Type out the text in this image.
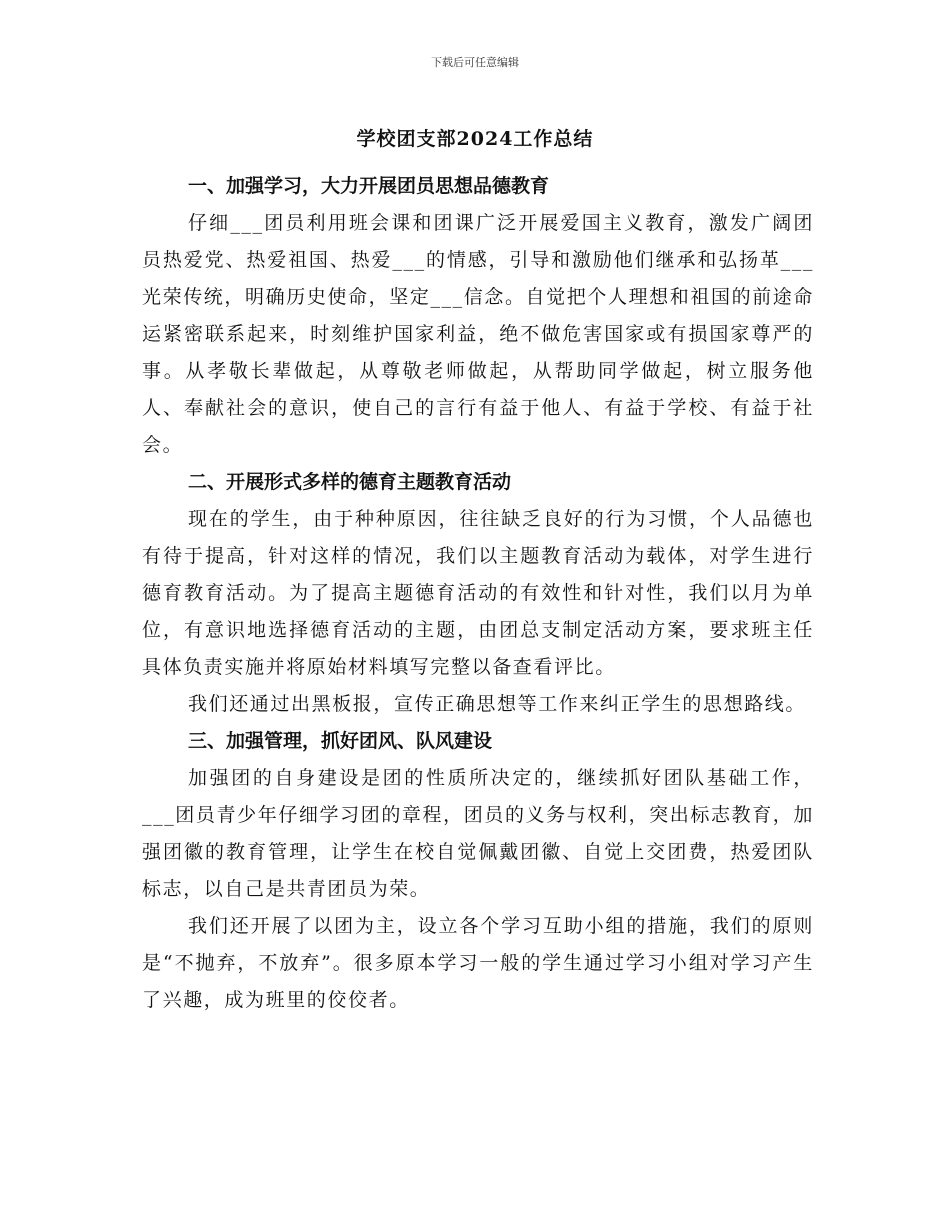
下载后可任意编辑
学校团支部2024工作总结

一、加强学习，大力开展团员思想品德教育

仔细___团员利用班会课和团课广泛开展爱国主义教育，激发广阔团员热爱党、热爱祖国、热爱___的情感，引导和激励他们继承和弘扬革___光荣传统，明确历史使命，坚定___信念。自觉把个人理想和祖国的前途命运紧密联系起来，时刻维护国家利益，绝不做危害国家或有损国家尊严的事。从孝敬长辈做起，从尊敬老师做起，从帮助同学做起，树立服务他人、奉献社会的意识，使自己的言行有益于他人、有益于学校、有益于社会。

二、开展形式多样的德育主题教育活动

现在的学生，由于种种原因，往往缺乏良好的行为习惯，个人品德也有待于提高，针对这样的情况，我们以主题教育活动为载体，对学生进行德育教育活动。为了提高主题德育活动的有效性和针对性，我们以月为单位，有意识地选择德育活动的主题，由团总支制定活动方案，要求班主任具体负责实施并将原始材料填写完整以备查看评比。

我们还通过出黑板报，宣传正确思想等工作来纠正学生的思想路线。

三、加强管理，抓好团风、队风建设

加强团的自身建设是团的性质所决定的，继续抓好团队基础工作，___团员青少年仔细学习团的章程，团员的义务与权利，突出标志教育，加强团徽的教育管理，让学生在校自觉佩戴团徽、自觉上交团费，热爱团队标志，以自己是共青团员为荣。

我们还开展了以团为主，设立各个学习互助小组的措施，我们的原则是“不抛弃，不放弃”。很多原本学习一般的学生通过学习小组对学习产生了兴趣，成为班里的佼佼者。
